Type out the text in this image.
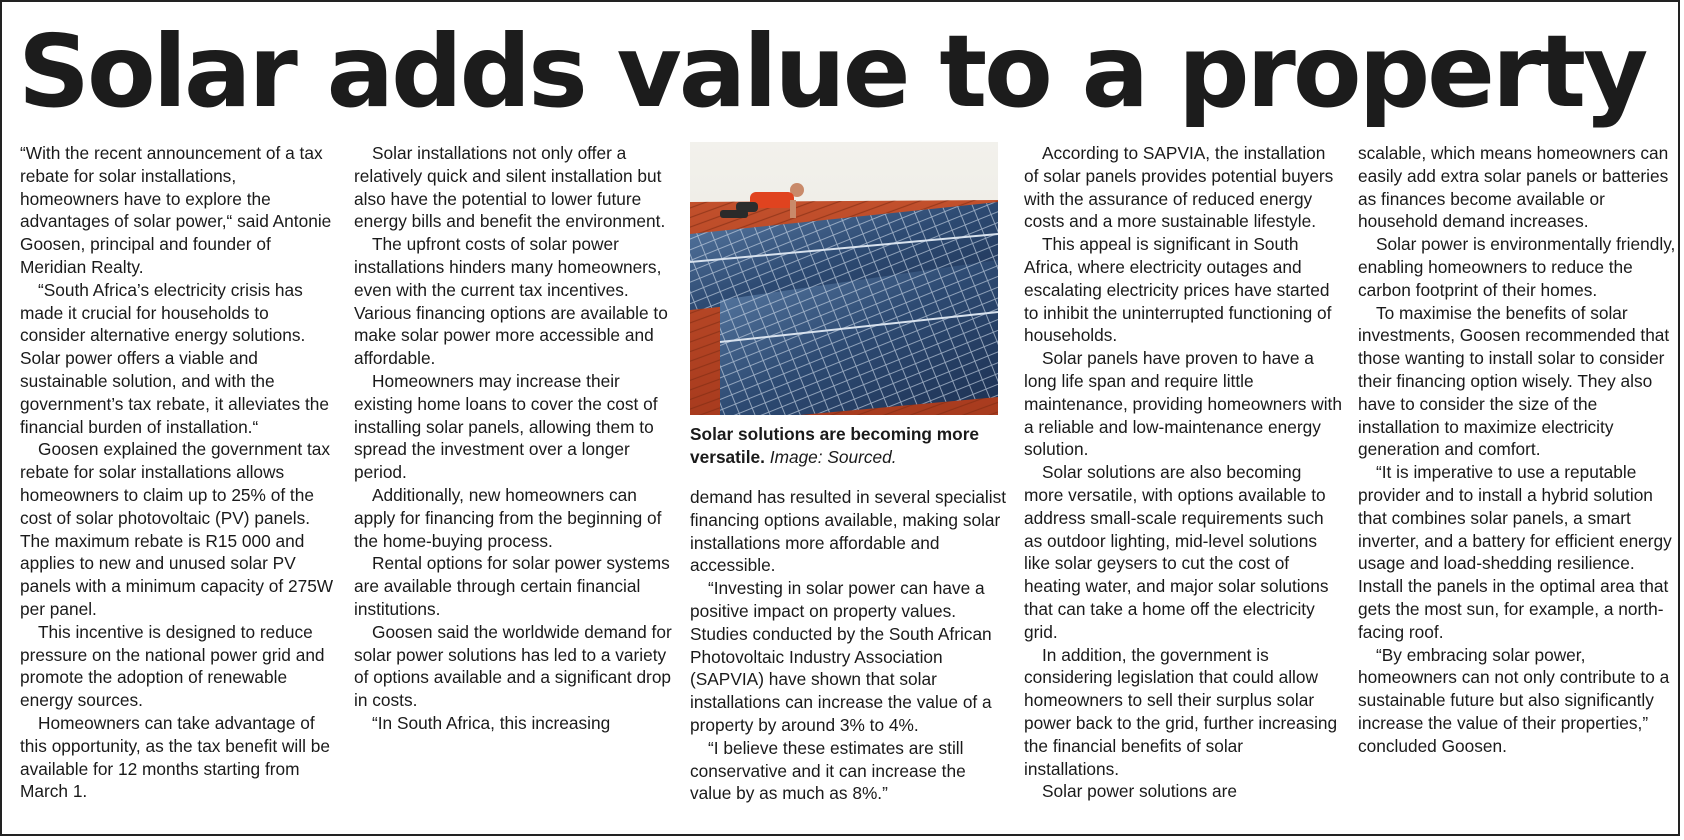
Solar adds value to a property

“With the recent announcement of a tax rebate for solar installations, homeowners have to explore the advantages of solar power,“ said Antonie Goosen, principal and founder of Meridian Realty.

“South Africa’s electricity crisis has made it crucial for households to consider alternative energy solutions. Solar power offers a viable and sustainable solution, and with the government’s tax rebate, it alleviates the financial burden of installation.“

Goosen explained the government tax rebate for solar installations allows homeowners to claim up to 25% of the cost of solar photovoltaic (PV) panels. The maximum rebate is R15 000 and applies to new and unused solar PV panels with a minimum capacity of 275W per panel.

This incentive is designed to reduce pressure on the national power grid and promote the adoption of renewable energy sources.

Homeowners can take advantage of this opportunity, as the tax benefit will be available for 12 months starting from March 1.

Solar installations not only offer a relatively quick and silent installation but also have the potential to lower future energy bills and benefit the environment.

The upfront costs of solar power installations hinders many homeowners, even with the current tax incentives. Various financing options are available to make solar power more accessible and affordable.

Homeowners may increase their existing home loans to cover the cost of installing solar panels, allowing them to spread the investment over a longer period.

Additionally, new homeowners can apply for financing from the beginning of the home-buying process.

Rental options for solar power systems are available through certain financial institutions.

Goosen said the worldwide demand for solar power solutions has led to a variety of options available and a significant drop in costs.

“In South Africa, this increasing

Solar solutions are becoming more versatile. Image: Sourced.

demand has resulted in several specialist financing options available, making solar installations more affordable and accessible.

“Investing in solar power can have a positive impact on property values. Studies conducted by the South African Photovoltaic Industry Association (SAPVIA) have shown that solar installations can increase the value of a property by around 3% to 4%.

“I believe these estimates are still conservative and it can increase the value by as much as 8%.”

According to SAPVIA, the installation of solar panels provides potential buyers with the assurance of reduced energy costs and a more sustainable lifestyle.

This appeal is significant in South Africa, where electricity outages and escalating electricity prices have started to inhibit the uninterrupted functioning of households.

Solar panels have proven to have a long life span and require little maintenance, providing homeowners with a reliable and low-maintenance energy solution.

Solar solutions are also becoming more versatile, with options available to address small-scale requirements such as outdoor lighting, mid-level solutions like solar geysers to cut the cost of heating water, and major solar solutions that can take a home off the electricity grid.

In addition, the government is considering legislation that could allow homeowners to sell their surplus solar power back to the grid, further increasing the financial benefits of solar installations.

Solar power solutions are

scalable, which means homeowners can easily add extra solar panels or batteries as finances become available or household demand increases.

Solar power is environmentally friendly, enabling homeowners to reduce the carbon footprint of their homes.

To maximise the benefits of solar investments, Goosen recommended that those wanting to install solar to consider their financing option wisely. They also have to consider the size of the installation to maximize electricity generation and comfort.

“It is imperative to use a reputable provider and to install a hybrid solution that combines solar panels, a smart inverter, and a battery for efficient energy usage and load-shedding resilience. Install the panels in the optimal area that gets the most sun, for example, a north-facing roof.

“By embracing solar power, homeowners can not only contribute to a sustainable future but also significantly increase the value of their properties,” concluded Goosen.
